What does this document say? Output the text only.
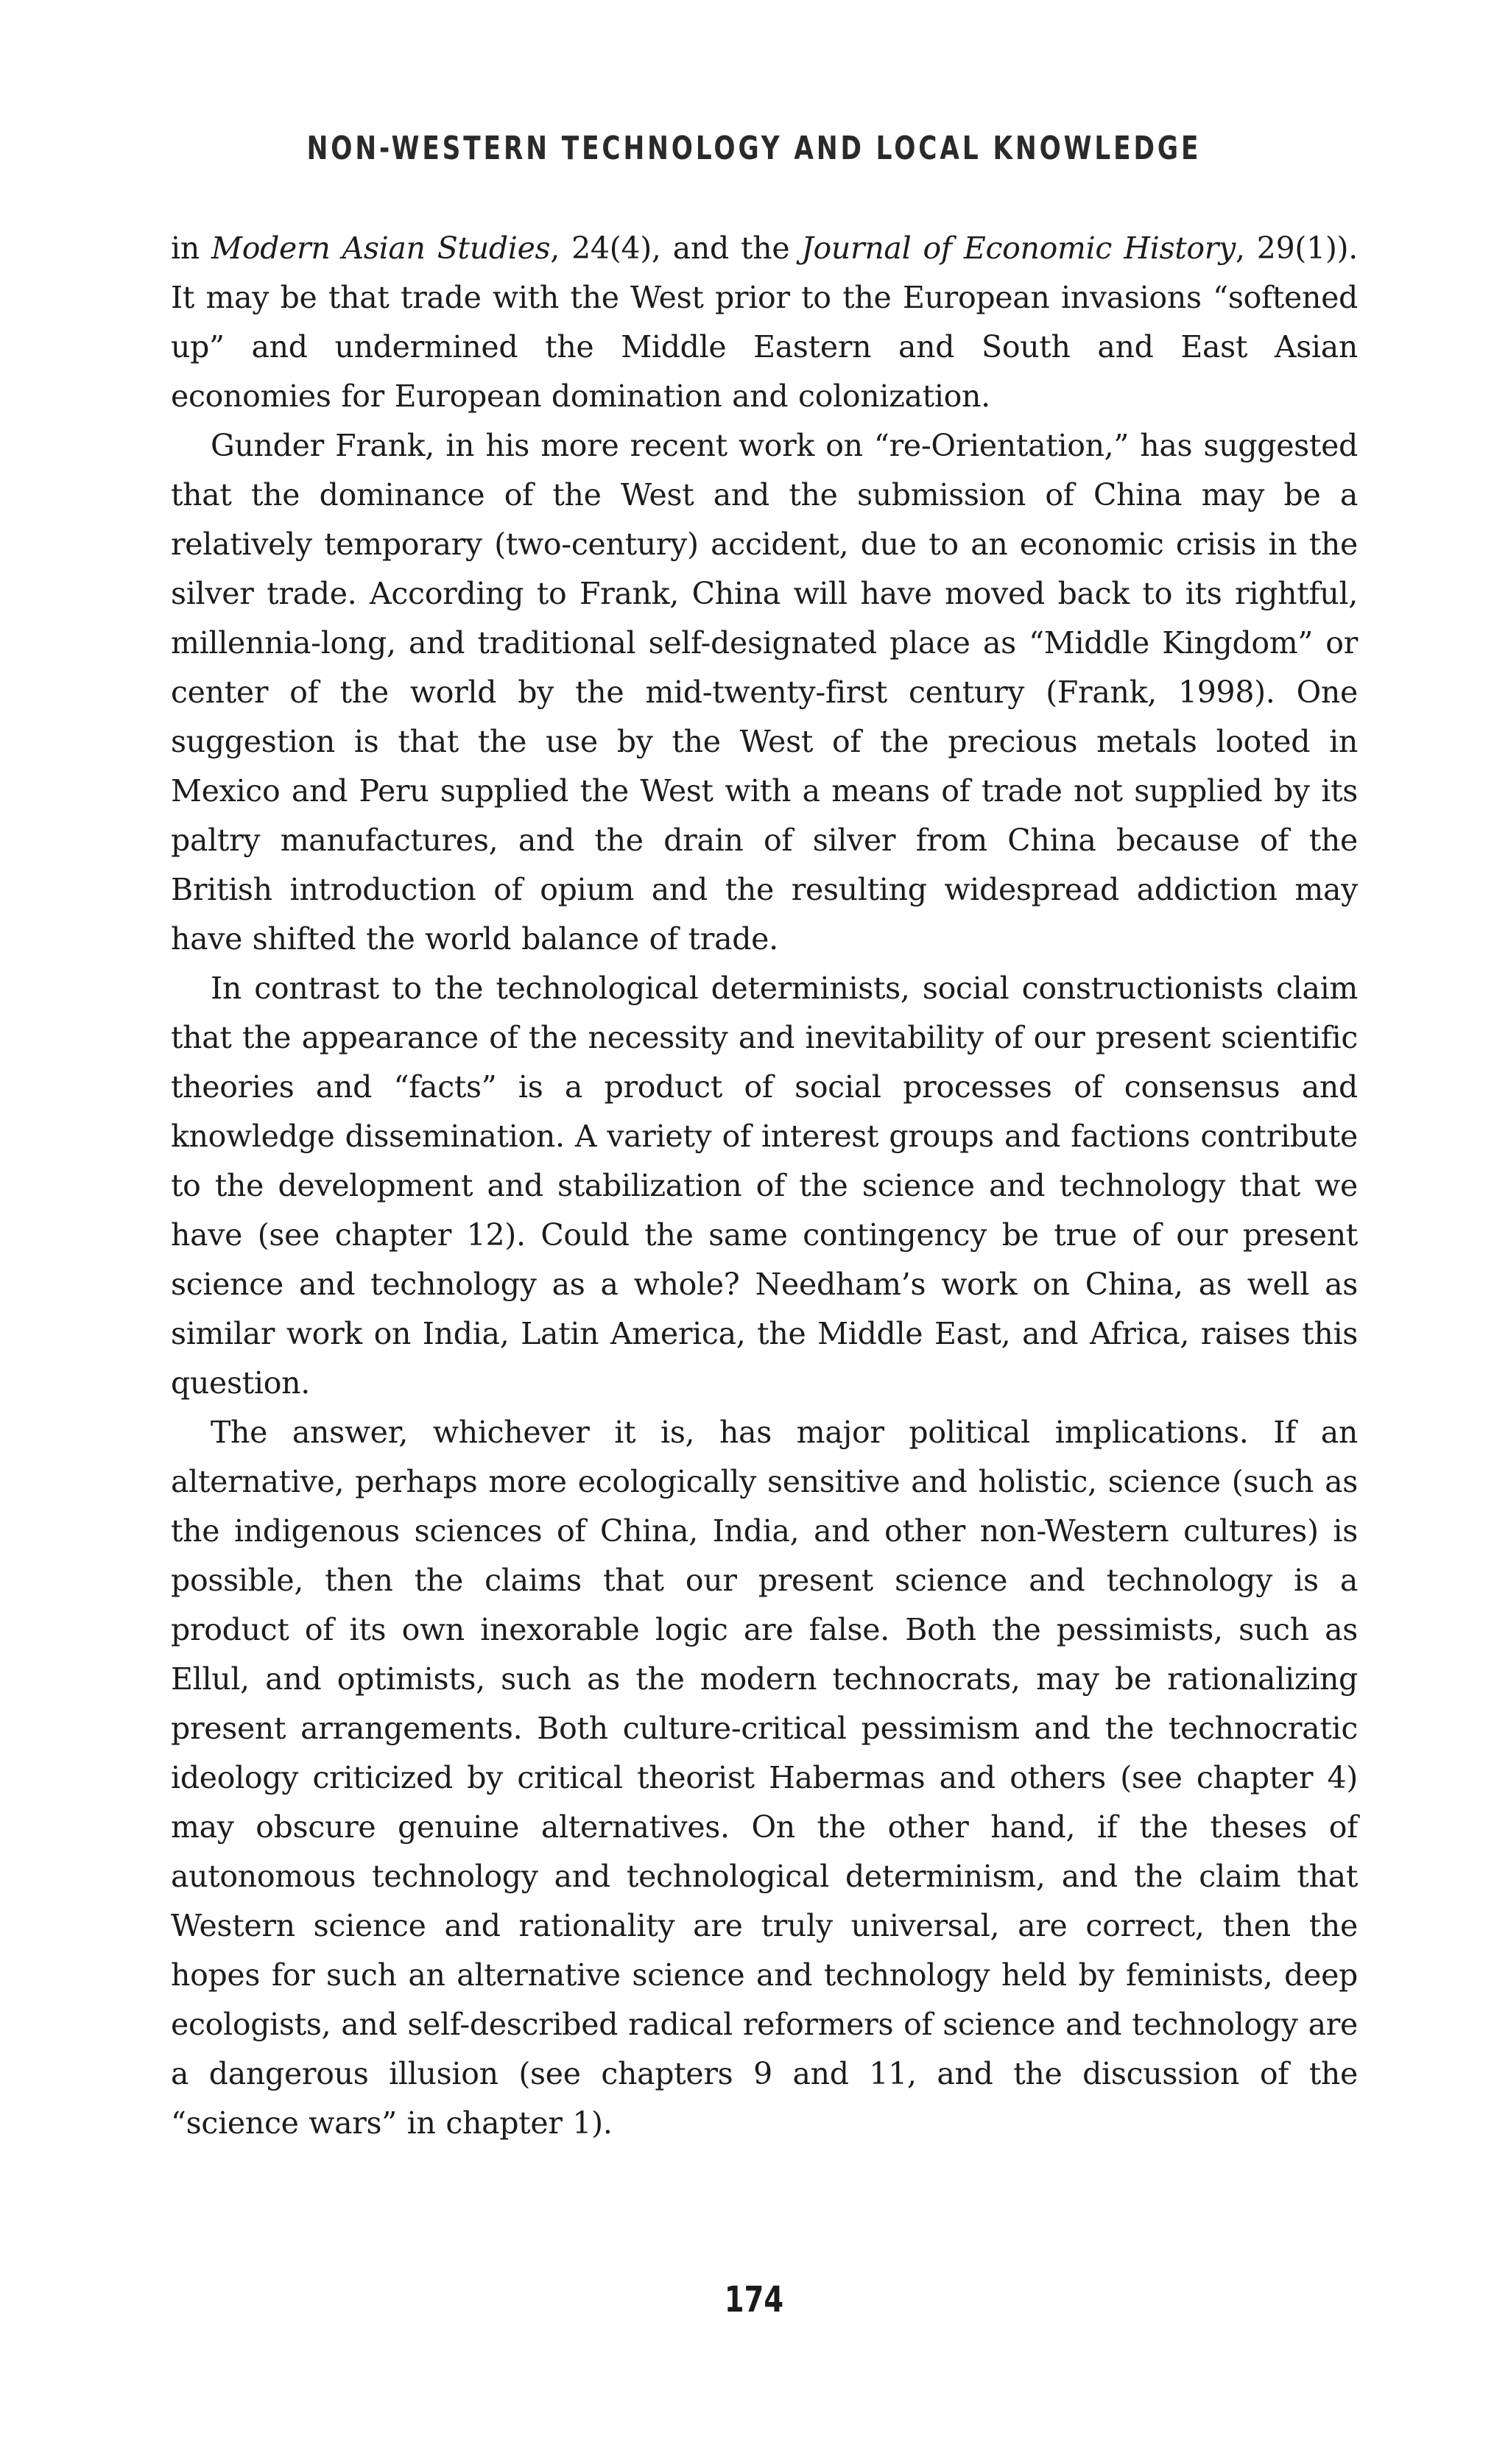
NON-WESTERN TECHNOLOGY AND LOCAL KNOWLEDGE

in Modern Asian Studies, 24(4), and the Journal of Economic History, 29(1)). It may be that trade with the West prior to the European invasions “softened up” and undermined the Middle Eastern and South and East Asian economies for European domination and colonization.

Gunder Frank, in his more recent work on “re-Orientation,” has suggested that the dominance of the West and the submission of China may be a relatively temporary (two-century) accident, due to an economic crisis in the silver trade. According to Frank, China will have moved back to its rightful, millennia-long, and traditional self-designated place as “Middle Kingdom” or center of the world by the mid-twenty-first century (Frank, 1998). One suggestion is that the use by the West of the precious metals looted in Mexico and Peru supplied the West with a means of trade not supplied by its paltry manufactures, and the drain of silver from China because of the British introduction of opium and the resulting widespread addiction may have shifted the world balance of trade.

In contrast to the technological determinists, social constructionists claim that the appearance of the necessity and inevitability of our present scientific theories and “facts” is a product of social processes of consensus and knowledge dissemination. A variety of interest groups and factions contribute to the development and stabilization of the science and technology that we have (see chapter 12). Could the same contingency be true of our present science and technology as a whole? Needham’s work on China, as well as similar work on India, Latin America, the Middle East, and Africa, raises this question.

The answer, whichever it is, has major political implications. If an alternative, perhaps more ecologically sensitive and holistic, science (such as the indigenous sciences of China, India, and other non-Western cultures) is possible, then the claims that our present science and technology is a product of its own inexorable logic are false. Both the pessimists, such as Ellul, and optimists, such as the modern technocrats, may be rationalizing present arrangements. Both culture-critical pessimism and the technocratic ideology criticized by critical theorist Habermas and others (see chapter 4) may obscure genuine alternatives. On the other hand, if the theses of autonomous technology and technological determinism, and the claim that Western science and rationality are truly universal, are correct, then the hopes for such an alternative science and technology held by feminists, deep ecologists, and self-described radical reformers of science and technology are a dangerous illusion (see chapters 9 and 11, and the discussion of the “science wars” in chapter 1).

174
